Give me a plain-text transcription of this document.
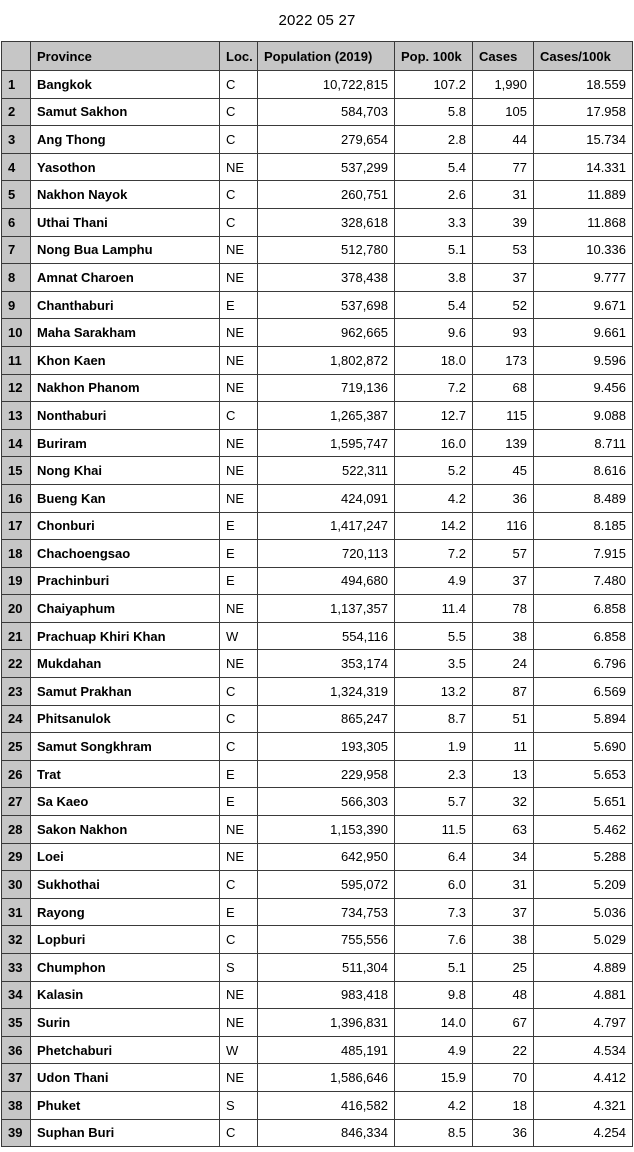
2022 05 27
	Province	Loc.	Population (2019)	Pop. 100k	Cases	Cases/100k
1	Bangkok	C	10,722,815	107.2	1,990	18.559
2	Samut Sakhon	C	584,703	5.8	105	17.958
3	Ang Thong	C	279,654	2.8	44	15.734
4	Yasothon	NE	537,299	5.4	77	14.331
5	Nakhon Nayok	C	260,751	2.6	31	11.889
6	Uthai Thani	C	328,618	3.3	39	11.868
7	Nong Bua Lamphu	NE	512,780	5.1	53	10.336
8	Amnat Charoen	NE	378,438	3.8	37	9.777
9	Chanthaburi	E	537,698	5.4	52	9.671
10	Maha Sarakham	NE	962,665	9.6	93	9.661
11	Khon Kaen	NE	1,802,872	18.0	173	9.596
12	Nakhon Phanom	NE	719,136	7.2	68	9.456
13	Nonthaburi	C	1,265,387	12.7	115	9.088
14	Buriram	NE	1,595,747	16.0	139	8.711
15	Nong Khai	NE	522,311	5.2	45	8.616
16	Bueng Kan	NE	424,091	4.2	36	8.489
17	Chonburi	E	1,417,247	14.2	116	8.185
18	Chachoengsao	E	720,113	7.2	57	7.915
19	Prachinburi	E	494,680	4.9	37	7.480
20	Chaiyaphum	NE	1,137,357	11.4	78	6.858
21	Prachuap Khiri Khan	W	554,116	5.5	38	6.858
22	Mukdahan	NE	353,174	3.5	24	6.796
23	Samut Prakhan	C	1,324,319	13.2	87	6.569
24	Phitsanulok	C	865,247	8.7	51	5.894
25	Samut Songkhram	C	193,305	1.9	11	5.690
26	Trat	E	229,958	2.3	13	5.653
27	Sa Kaeo	E	566,303	5.7	32	5.651
28	Sakon Nakhon	NE	1,153,390	11.5	63	5.462
29	Loei	NE	642,950	6.4	34	5.288
30	Sukhothai	C	595,072	6.0	31	5.209
31	Rayong	E	734,753	7.3	37	5.036
32	Lopburi	C	755,556	7.6	38	5.029
33	Chumphon	S	511,304	5.1	25	4.889
34	Kalasin	NE	983,418	9.8	48	4.881
35	Surin	NE	1,396,831	14.0	67	4.797
36	Phetchaburi	W	485,191	4.9	22	4.534
37	Udon Thani	NE	1,586,646	15.9	70	4.412
38	Phuket	S	416,582	4.2	18	4.321
39	Suphan Buri	C	846,334	8.5	36	4.254
